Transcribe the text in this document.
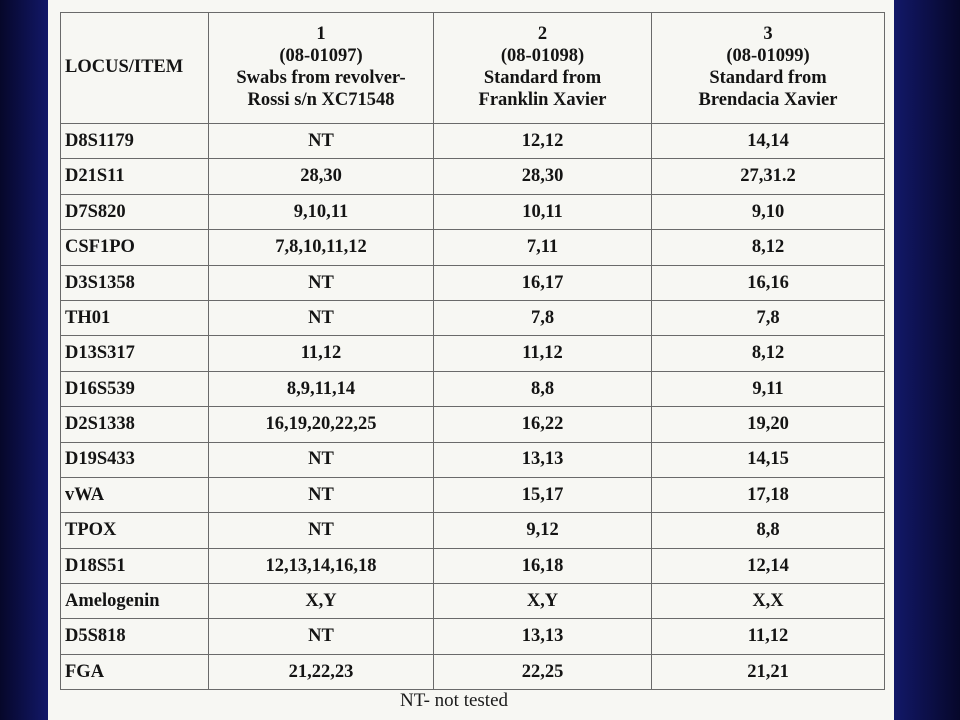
LOCUS/ITEM	1
(08-01097)
Swabs from revolver-
Rossi s/n XC71548	2
(08-01098)
Standard from
Franklin Xavier	3
(08-01099)
Standard from
Brendacia Xavier

D8S1179	NT	12,12	14,14
D21S11	28,30	28,30	27,31.2
D7S820	9,10,11	10,11	9,10
CSF1PO	7,8,10,11,12	7,11	8,12
D3S1358	NT	16,17	16,16
TH01	NT	7,8	7,8
D13S317	11,12	11,12	8,12
D16S539	8,9,11,14	8,8	9,11
D2S1338	16,19,20,22,25	16,22	19,20
D19S433	NT	13,13	14,15
vWA	NT	15,17	17,18
TPOX	NT	9,12	8,8
D18S51	12,13,14,16,18	16,18	12,14
Amelogenin	X,Y	X,Y	X,X
D5S818	NT	13,13	11,12
FGA	21,22,23	22,25	21,21
NT- not tested
